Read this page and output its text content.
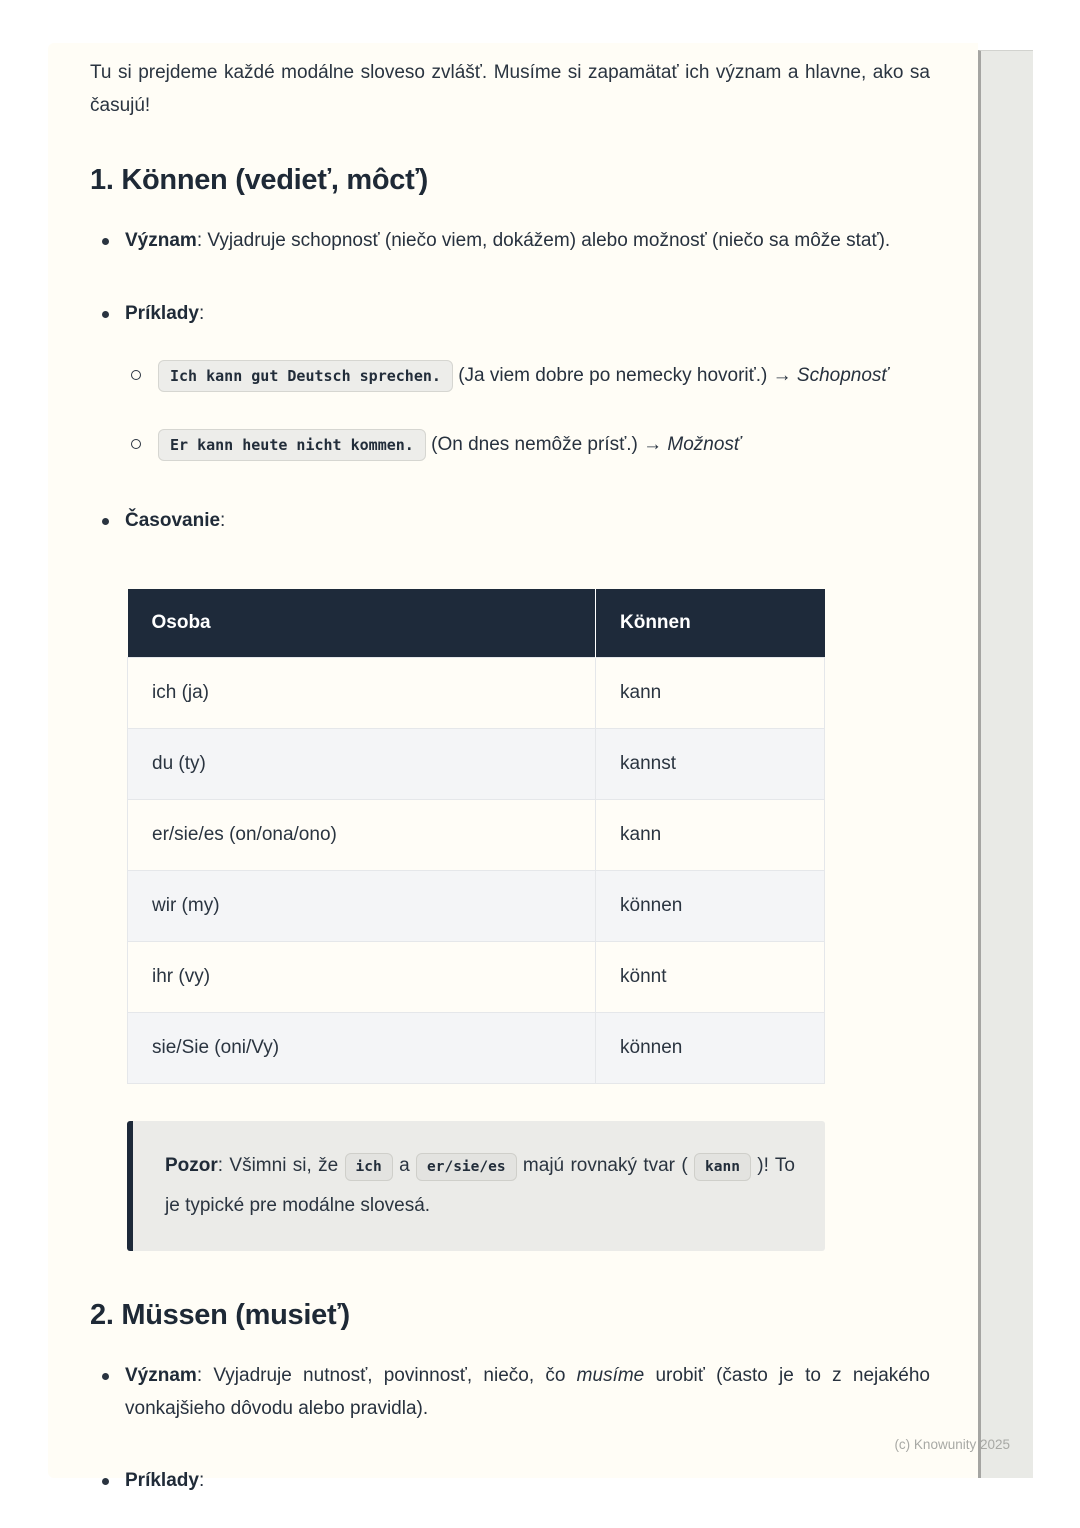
Tu si prejdeme každé modálne sloveso zvlášť. Musíme si zapamätať ich význam a hlavne, ako sa časujú!

1. Können (vedieť, môcť)
Význam: Vyjadruje schopnosť (niečo viem, dokážem) alebo možnosť (niečo sa môže stať).
Príklady:
Ich kann gut Deutsch sprechen. (Ja viem dobre po nemecky hovoriť.) → Schopnosť
Er kann heute nicht kommen. (On dnes nemôže prísť.) → Možnosť
Časovanie:
Osoba	Können
ich (ja)	kann
du (ty)	kannst
er/sie/es (on/ona/ono)	kann
wir (my)	können
ihr (vy)	könnt
sie/Sie (oni/Vy)	können
Pozor: Všimni si, že ich a er/sie/es majú rovnaký tvar ( kann )! To je typické pre modálne slovesá.
2. Müssen (musieť)
Význam: Vyjadruje nutnosť, povinnosť, niečo, čo musíme urobiť (často je to z nejakého vonkajšieho dôvodu alebo pravidla).
Príklady:
(c) Knowunity 2025
